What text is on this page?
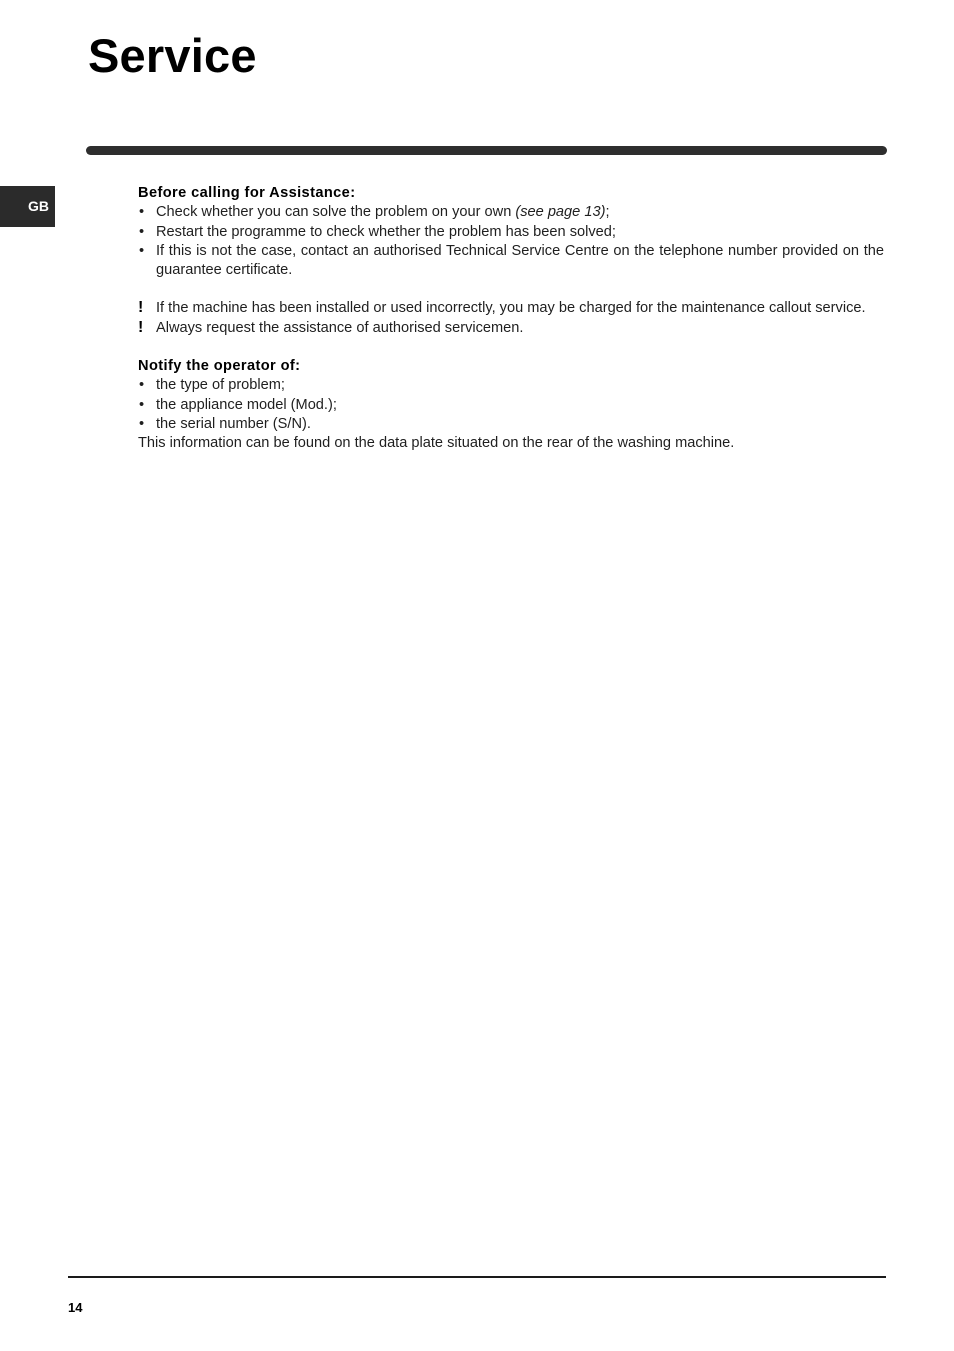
Service
GB
Before calling for Assistance:
• Check whether you can solve the problem on your own (see page 13);
• Restart the programme to check whether the problem has been solved;
• If this is not the case, contact an authorised Technical Service Centre on the telephone number provided on the guarantee certificate.
! If the machine has been installed or used incorrectly, you may be charged for the maintenance callout service.
! Always request the assistance of authorised servicemen.
Notify the operator of:
• the type of problem;
• the appliance model (Mod.);
• the serial number (S/N).
This information can be found on the data plate situated on the rear of the washing machine.
14
